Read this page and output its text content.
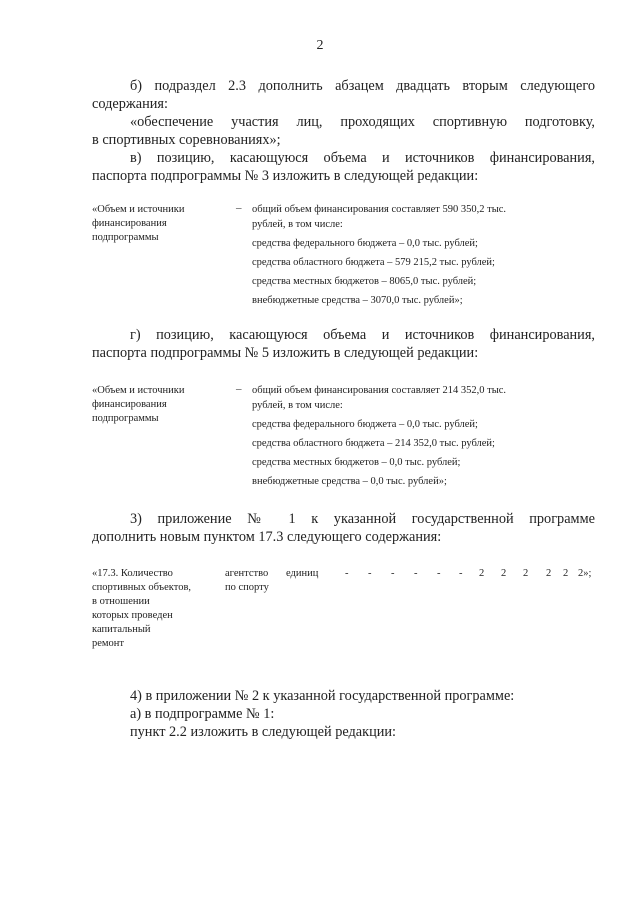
2
б) подраздел 2.3 дополнить абзацем двадцать вторым следующего
содержания:
«обеспечение участия лиц, проходящих спортивную подготовку,
в спортивных соревнованиях»;
в) позицию, касающуюся объема и источников финансирования,
паспорта подпрограммы № 3 изложить в следующей редакции:
«Объем и источники
финансирования
подпрограммы
– общий объем финансирования составляет 590 350,2 тыс.
рублей, в том числе:
средства федерального бюджета – 0,0 тыс. рублей;
средства областного бюджета – 579 215,2 тыс. рублей;
средства местных бюджетов – 8065,0 тыс. рублей;
внебюджетные средства – 3070,0 тыс. рублей»;
г) позицию, касающуюся объема и источников финансирования,
паспорта подпрограммы № 5 изложить в следующей редакции:
«Объем и источники
финансирования
подпрограммы
– общий объем финансирования составляет 214 352,0 тыс.
рублей, в том числе:
средства федерального бюджета – 0,0 тыс. рублей;
средства областного бюджета – 214 352,0 тыс. рублей;
средства местных бюджетов – 0,0 тыс. рублей;
внебюджетные средства – 0,0 тыс. рублей»;
3) приложение № 1 к указанной государственной программе
дополнить новым пунктом 17.3 следующего содержания:
«17.3. Количество
спортивных объектов,
в отношении
которых проведен
капитальный
ремонт
агентство
по спорту
единиц	- - - - - - 2 2 2 2 2 2»;
4) в приложении № 2 к указанной государственной программе:
а) в подпрограмме № 1:
пункт 2.2 изложить в следующей редакции:
